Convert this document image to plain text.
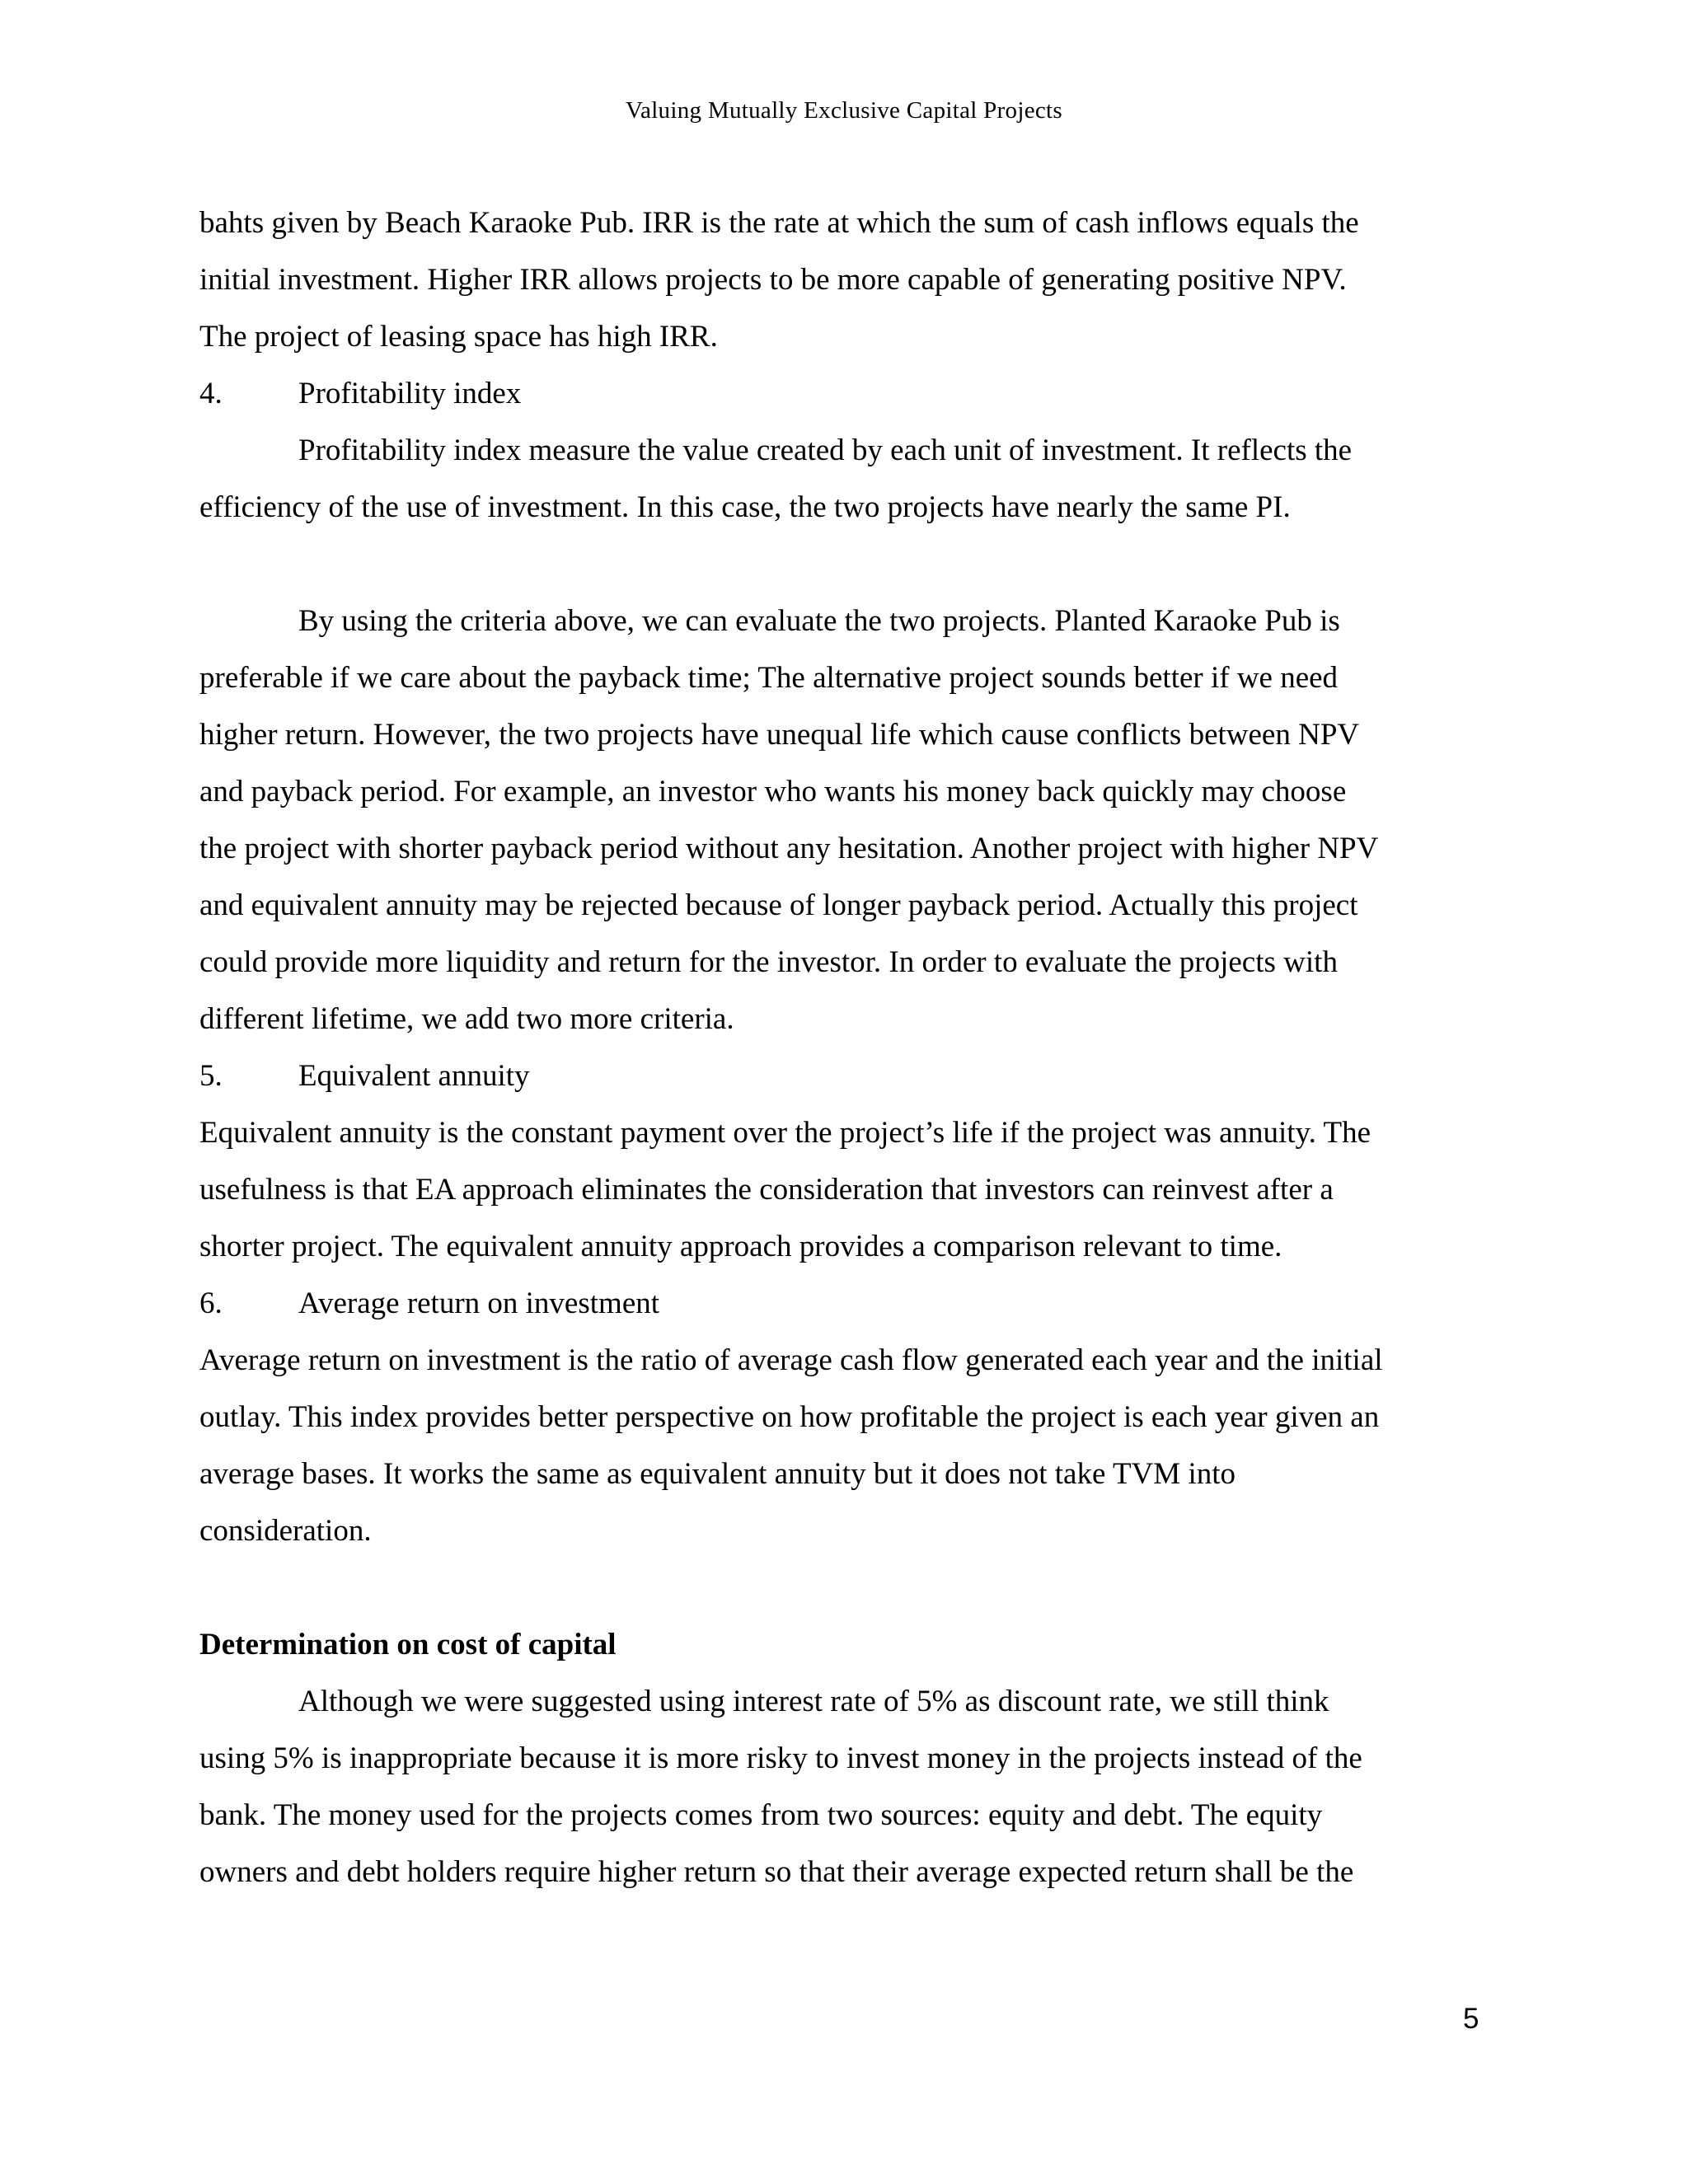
Valuing Mutually Exclusive Capital Projects
bahts given by Beach Karaoke Pub. IRR is the rate at which the sum of cash inflows equals the
initial investment. Higher IRR allows projects to be more capable of generating positive NPV.
The project of leasing space has high IRR.
4.	Profitability index
Profitability index measure the value created by each unit of investment. It reflects the
efficiency of the use of investment. In this case, the two projects have nearly the same PI.
By using the criteria above, we can evaluate the two projects. Planted Karaoke Pub is
preferable if we care about the payback time; The alternative project sounds better if we need
higher return. However, the two projects have unequal life which cause conflicts between NPV
and payback period. For example, an investor who wants his money back quickly may choose
the project with shorter payback period without any hesitation. Another project with higher NPV
and equivalent annuity may be rejected because of longer payback period. Actually this project
could provide more liquidity and return for the investor. In order to evaluate the projects with
different lifetime, we add two more criteria.
5.	Equivalent annuity
Equivalent annuity is the constant payment over the project’s life if the project was annuity. The
usefulness is that EA approach eliminates the consideration that investors can reinvest after a
shorter project. The equivalent annuity approach provides a comparison relevant to time.
6.	Average return on investment
Average return on investment is the ratio of average cash flow generated each year and the initial
outlay. This index provides better perspective on how profitable the project is each year given an
average bases. It works the same as equivalent annuity but it does not take TVM into
consideration.
Determination on cost of capital
Although we were suggested using interest rate of 5% as discount rate, we still think
using 5% is inappropriate because it is more risky to invest money in the projects instead of the
bank. The money used for the projects comes from two sources: equity and debt. The equity
owners and debt holders require higher return so that their average expected return shall be the
5
